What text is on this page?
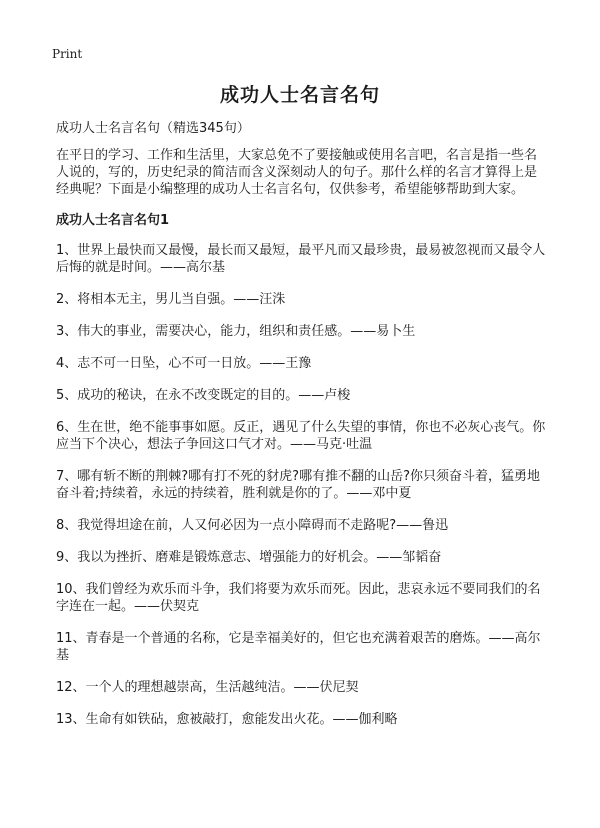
Print
成功人士名言名句

成功人士名言名句（精选345句）

在平日的学习、工作和生活里，大家总免不了要接触或使用名言吧，名言是指一些名人说的，写的，历史纪录的简洁而含义深刻动人的句子。那什么样的名言才算得上是经典呢？下面是小编整理的成功人士名言名句，仅供参考，希望能够帮助到大家。

成功人士名言名句1

1、世界上最快而又最慢，最长而又最短，最平凡而又最珍贵，最易被忽视而又最令人后悔的就是时间。——高尔基

2、将相本无主，男儿当自强。——汪洙

3、伟大的事业，需要决心，能力，组织和责任感。——易卜生

4、志不可一日坠，心不可一日放。——王豫

5、成功的秘诀，在永不改变既定的目的。——卢梭

6、生在世，绝不能事事如愿。反正，遇见了什么失望的事情，你也不必灰心丧气。你应当下个决心，想法子争回这口气才对。——马克·吐温

7、哪有斩不断的荆棘?哪有打不死的豺虎?哪有推不翻的山岳?你只须奋斗着，猛勇地奋斗着;持续着，永远的持续着，胜利就是你的了。——邓中夏

8、我觉得坦途在前，人又何必因为一点小障碍而不走路呢?——鲁迅

9、我以为挫折、磨难是锻炼意志、增强能力的好机会。——邹韬奋

10、我们曾经为欢乐而斗争，我们将要为欢乐而死。因此，悲哀永远不要同我们的名字连在一起。——伏契克

11、青春是一个普通的名称，它是幸福美好的，但它也充满着艰苦的磨炼。——高尔基

12、一个人的理想越崇高，生活越纯洁。——伏尼契

13、生命有如铁砧，愈被敲打，愈能发出火花。——伽利略
